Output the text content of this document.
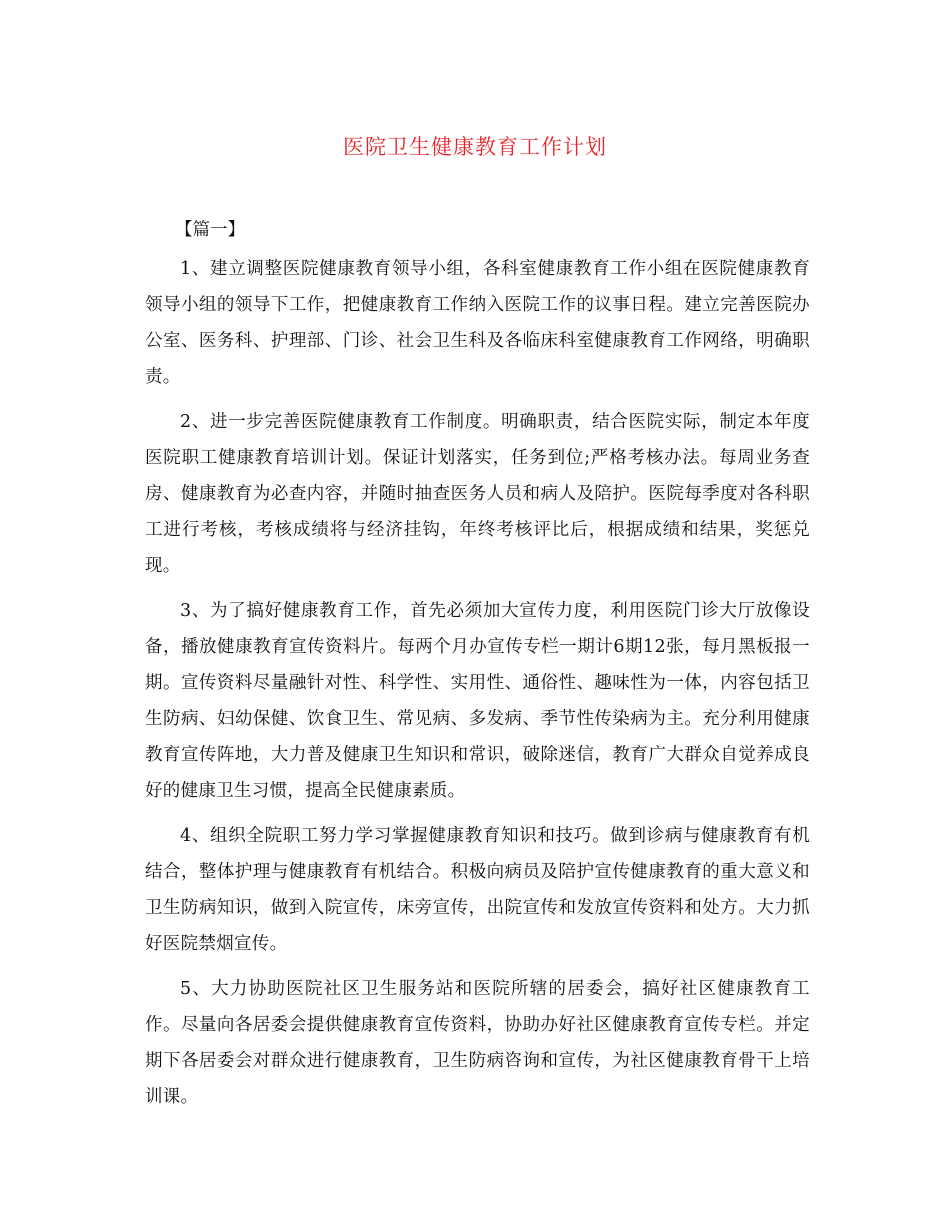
医院卫生健康教育工作计划

【篇一】

1、建立调整医院健康教育领导小组，各科室健康教育工作小组在医院健康教育领导小组的领导下工作，把健康教育工作纳入医院工作的议事日程。建立完善医院办公室、医务科、护理部、门诊、社会卫生科及各临床科室健康教育工作网络，明确职责。

2、进一步完善医院健康教育工作制度。明确职责，结合医院实际，制定本年度医院职工健康教育培训计划。保证计划落实，任务到位;严格考核办法。每周业务查房、健康教育为必查内容，并随时抽查医务人员和病人及陪护。医院每季度对各科职工进行考核，考核成绩将与经济挂钩，年终考核评比后，根据成绩和结果，奖惩兑现。

3、为了搞好健康教育工作，首先必须加大宣传力度，利用医院门诊大厅放像设备，播放健康教育宣传资料片。每两个月办宣传专栏一期计6期12张，每月黑板报一期。宣传资料尽量融针对性、科学性、实用性、通俗性、趣味性为一体，内容包括卫生防病、妇幼保健、饮食卫生、常见病、多发病、季节性传染病为主。充分利用健康教育宣传阵地，大力普及健康卫生知识和常识，破除迷信，教育广大群众自觉养成良好的健康卫生习惯，提高全民健康素质。

4、组织全院职工努力学习掌握健康教育知识和技巧。做到诊病与健康教育有机结合，整体护理与健康教育有机结合。积极向病员及陪护宣传健康教育的重大意义和卫生防病知识，做到入院宣传，床旁宣传，出院宣传和发放宣传资料和处方。大力抓好医院禁烟宣传。

5、大力协助医院社区卫生服务站和医院所辖的居委会，搞好社区健康教育工作。尽量向各居委会提供健康教育宣传资料，协助办好社区健康教育宣传专栏。并定期下各居委会对群众进行健康教育，卫生防病咨询和宣传，为社区健康教育骨干上培训课。
